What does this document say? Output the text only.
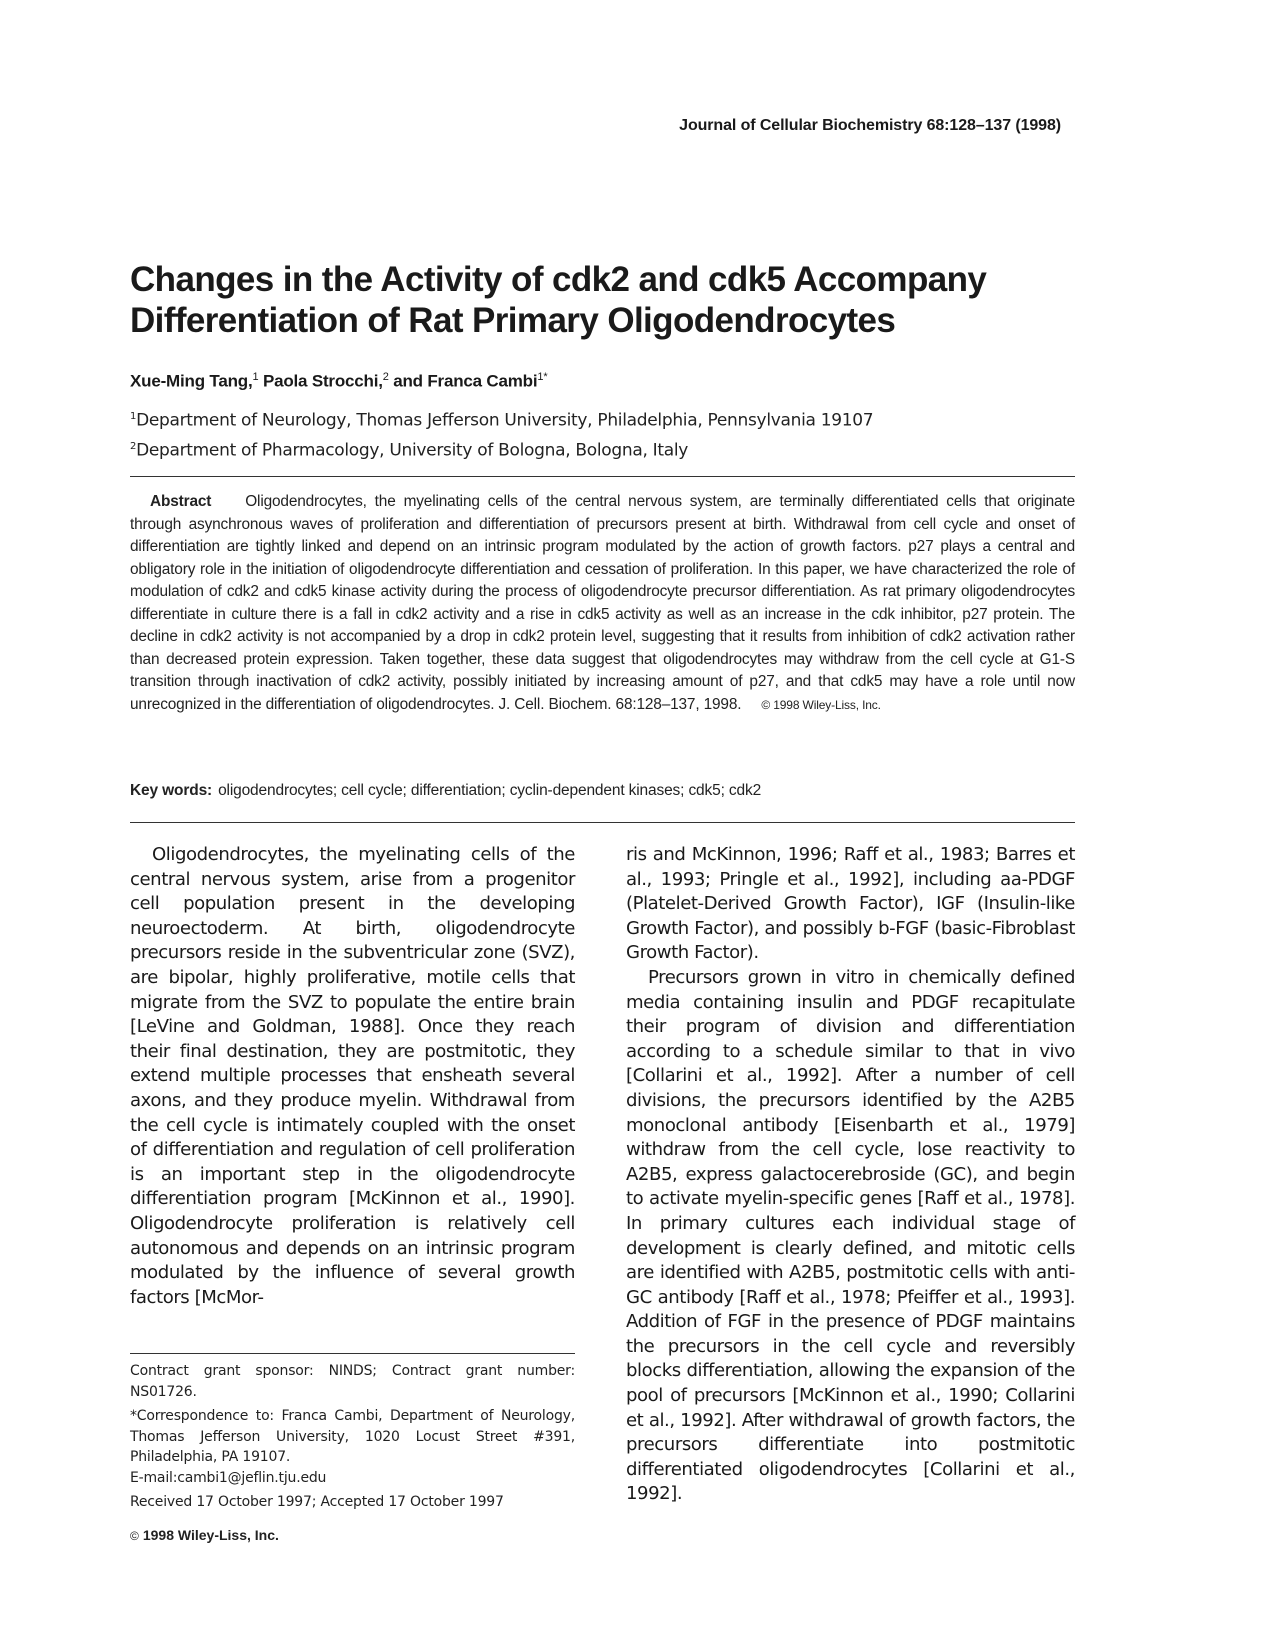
Journal of Cellular Biochemistry 68:128–137 (1998)
Changes in the Activity of cdk2 and cdk5 Accompany
Differentiation of Rat Primary Oligodendrocytes
Xue-Ming Tang,$^1$ Paola Strocchi,$^2$ and Franca Cambi$^{1*}$
$^1$Department of Neurology, Thomas Jefferson University, Philadelphia, Pennsylvania 19107
$^2$Department of Pharmacology, University of Bologna, Bologna, Italy
Abstract Oligodendrocytes, the myelinating cells of the central nervous system, are terminally differentiated cells that originate through asynchronous waves of proliferation and differentiation of precursors present at birth. Withdrawal from cell cycle and onset of differentiation are tightly linked and depend on an intrinsic program modulated by the action of growth factors. p27 plays a central and obligatory role in the initiation of oligodendrocyte differentiation and cessation of proliferation. In this paper, we have characterized the role of modulation of cdk2 and cdk5 kinase activity during the process of oligodendrocyte precursor differentiation. As rat primary oligodendrocytes differentiate in culture there is a fall in cdk2 activity and a rise in cdk5 activity as well as an increase in the cdk inhibitor, p27 protein. The decline in cdk2 activity is not accompanied by a drop in cdk2 protein level, suggesting that it results from inhibition of cdk2 activation rather than decreased protein expression. Taken together, these data suggest that oligodendrocytes may withdraw from the cell cycle at G1-S transition through inactivation of cdk2 activity, possibly initiated by increasing amount of p27, and that cdk5 may have a role until now unrecognized in the differentiation of oligodendrocytes. J. Cell. Biochem. 68:128–137, 1998. © 1998 Wiley-Liss, Inc.
Key words: oligodendrocytes; cell cycle; differentiation; cyclin-dependent kinases; cdk5; cdk2

Oligodendrocytes, the myelinating cells of the central nervous system, arise from a progenitor cell population present in the developing neuroectoderm. At birth, oligodendrocyte precursors reside in the subventricular zone (SVZ), are bipolar, highly proliferative, motile cells that migrate from the SVZ to populate the entire brain [LeVine and Goldman, 1988]. Once they reach their final destination, they are postmitotic, they extend multiple processes that ensheath several axons, and they produce myelin. Withdrawal from the cell cycle is intimately coupled with the onset of differentiation and regulation of cell proliferation is an important step in the oligodendrocyte differentiation program [McKinnon et al., 1990]. Oligodendrocyte proliferation is relatively cell autonomous and depends on an intrinsic program modulated by the influence of several growth factors [McMor-

ris and McKinnon, 1996; Raff et al., 1983; Barres et al., 1993; Pringle et al., 1992], including aa-PDGF (Platelet-Derived Growth Factor), IGF (Insulin-like Growth Factor), and possibly b-FGF (basic-Fibroblast Growth Factor).

Precursors grown in vitro in chemically defined media containing insulin and PDGF recapitulate their program of division and differentiation according to a schedule similar to that in vivo [Collarini et al., 1992]. After a number of cell divisions, the precursors identified by the A2B5 monoclonal antibody [Eisenbarth et al., 1979] withdraw from the cell cycle, lose reactivity to A2B5, express galactocerebroside (GC), and begin to activate myelin-specific genes [Raff et al., 1978]. In primary cultures each individual stage of development is clearly defined, and mitotic cells are identified with A2B5, postmitotic cells with anti-GC antibody [Raff et al., 1978; Pfeiffer et al., 1993]. Addition of FGF in the presence of PDGF maintains the precursors in the cell cycle and reversibly blocks differentiation, allowing the expansion of the pool of precursors [McKinnon et al., 1990; Collarini et al., 1992]. After withdrawal of growth factors, the precursors differentiate into postmitotic differentiated oligodendrocytes [Collarini et al., 1992].

Contract grant sponsor: NINDS; Contract grant number: NS01726.

*Correspondence to: Franca Cambi, Department of Neurology, Thomas Jefferson University, 1020 Locust Street #391, Philadelphia, PA 19107.

E-mail:cambi1@jeflin.tju.edu

Received 17 October 1997; Accepted 17 October 1997

© 1998 Wiley-Liss, Inc.
